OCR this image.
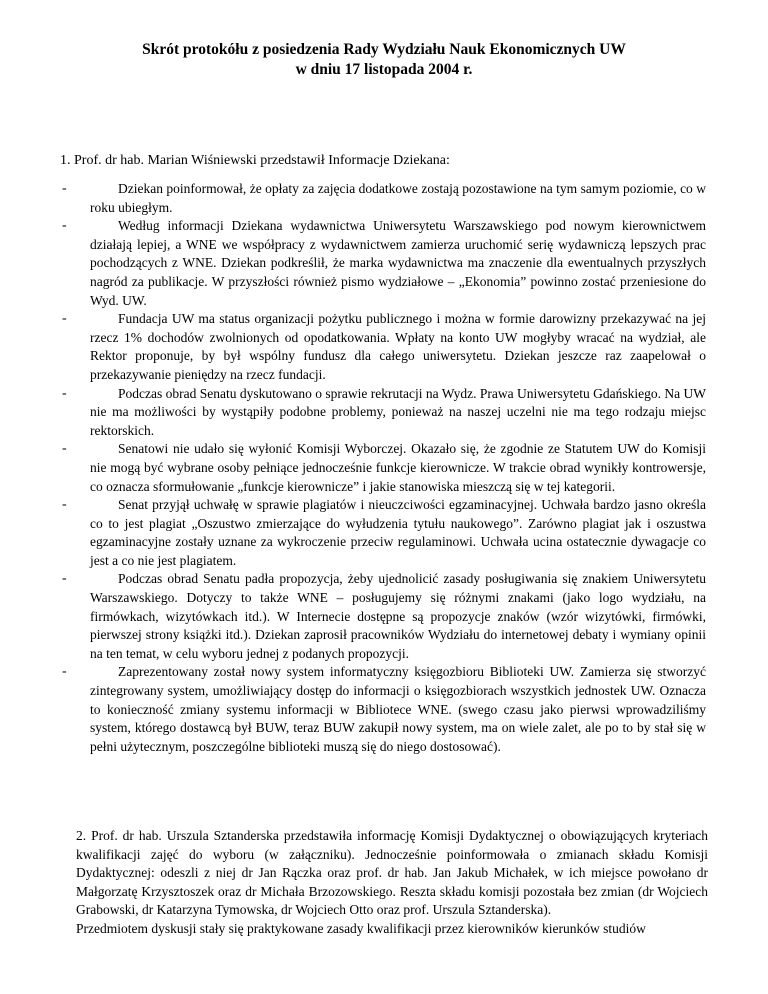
Skrót protokółu z posiedzenia Rady Wydziału Nauk Ekonomicznych UW
w dniu 17 listopada 2004 r.
1. Prof. dr hab. Marian Wiśniewski przedstawił Informacje Dziekana:
-	Dziekan poinformował, że opłaty za zajęcia dodatkowe zostają pozostawione na tym samym poziomie, co w roku ubiegłym.
-	Według informacji Dziekana wydawnictwa Uniwersytetu Warszawskiego pod nowym kierownictwem działają lepiej, a WNE we współpracy z wydawnictwem zamierza uruchomić serię wydawniczą lepszych prac pochodzących z WNE. Dziekan podkreślił, że marka wydawnictwa ma znaczenie dla ewentualnych przyszłych nagród za publikacje. W przyszłości również pismo wydziałowe – „Ekonomia” powinno zostać przeniesione do Wyd. UW.
-	Fundacja UW ma status organizacji pożytku publicznego i można w formie darowizny przekazywać na jej rzecz 1% dochodów zwolnionych od opodatkowania. Wpłaty na konto UW mogłyby wracać na wydział, ale Rektor proponuje, by był wspólny fundusz dla całego uniwersytetu. Dziekan jeszcze raz zaapelował o przekazywanie pieniędzy na rzecz fundacji.
-	Podczas obrad Senatu dyskutowano o sprawie rekrutacji na Wydz. Prawa Uniwersytetu Gdańskiego. Na UW nie ma możliwości by wystąpiły podobne problemy, ponieważ na naszej uczelni nie ma tego rodzaju miejsc rektorskich.
-	Senatowi nie udało się wyłonić Komisji Wyborczej. Okazało się, że zgodnie ze Statutem UW do Komisji nie mogą być wybrane osoby pełniące jednocześnie funkcje kierownicze. W trakcie obrad wynikły kontrowersje, co oznacza sformułowanie „funkcje kierownicze” i jakie stanowiska mieszczą się w tej kategorii.
-	Senat przyjął uchwałę w sprawie plagiatów i nieuczciwości egzaminacyjnej. Uchwała bardzo jasno określa co to jest plagiat „Oszustwo zmierzające do wyłudzenia tytułu naukowego”. Zarówno plagiat jak i oszustwa egzaminacyjne zostały uznane za wykroczenie przeciw regulaminowi. Uchwała ucina ostatecznie dywagacje co jest a co nie jest plagiatem.
-	Podczas obrad Senatu padła propozycja, żeby ujednolicić zasady posługiwania się znakiem Uniwersytetu Warszawskiego. Dotyczy to także WNE – posługujemy się różnymi znakami (jako logo wydziału, na firmówkach, wizytówkach itd.). W Internecie dostępne są propozycje znaków (wzór wizytówki, firmówki, pierwszej strony książki itd.). Dziekan zaprosił pracowników Wydziału do internetowej debaty i wymiany opinii na ten temat, w celu wyboru jednej z podanych propozycji.
-	Zaprezentowany został nowy system informatyczny księgozbioru Biblioteki UW. Zamierza się stworzyć zintegrowany system, umożliwiający dostęp do informacji o księgozbiorach wszystkich jednostek UW. Oznacza to konieczność zmiany systemu informacji w Bibliotece WNE. (swego czasu jako pierwsi wprowadziliśmy system, którego dostawcą był BUW, teraz BUW zakupił nowy system, ma on wiele zalet, ale po to by stał się w pełni użytecznym, poszczególne biblioteki muszą się do niego dostosować).

2. Prof. dr hab. Urszula Sztanderska przedstawiła informację Komisji Dydaktycznej o obowiązujących kryteriach kwalifikacji zajęć do wyboru (w załączniku). Jednocześnie poinformowała o zmianach składu Komisji Dydaktycznej: odeszli z niej dr Jan Rączka oraz prof. dr hab. Jan Jakub Michałek, w ich miejsce powołano dr Małgorzatę Krzysztoszek oraz dr Michała Brzozowskiego. Reszta składu komisji pozostała bez zmian (dr Wojciech Grabowski, dr Katarzyna Tymowska, dr Wojciech Otto oraz prof. Urszula Sztanderska).

Przedmiotem dyskusji stały się praktykowane zasady kwalifikacji przez kierowników kierunków studiów
